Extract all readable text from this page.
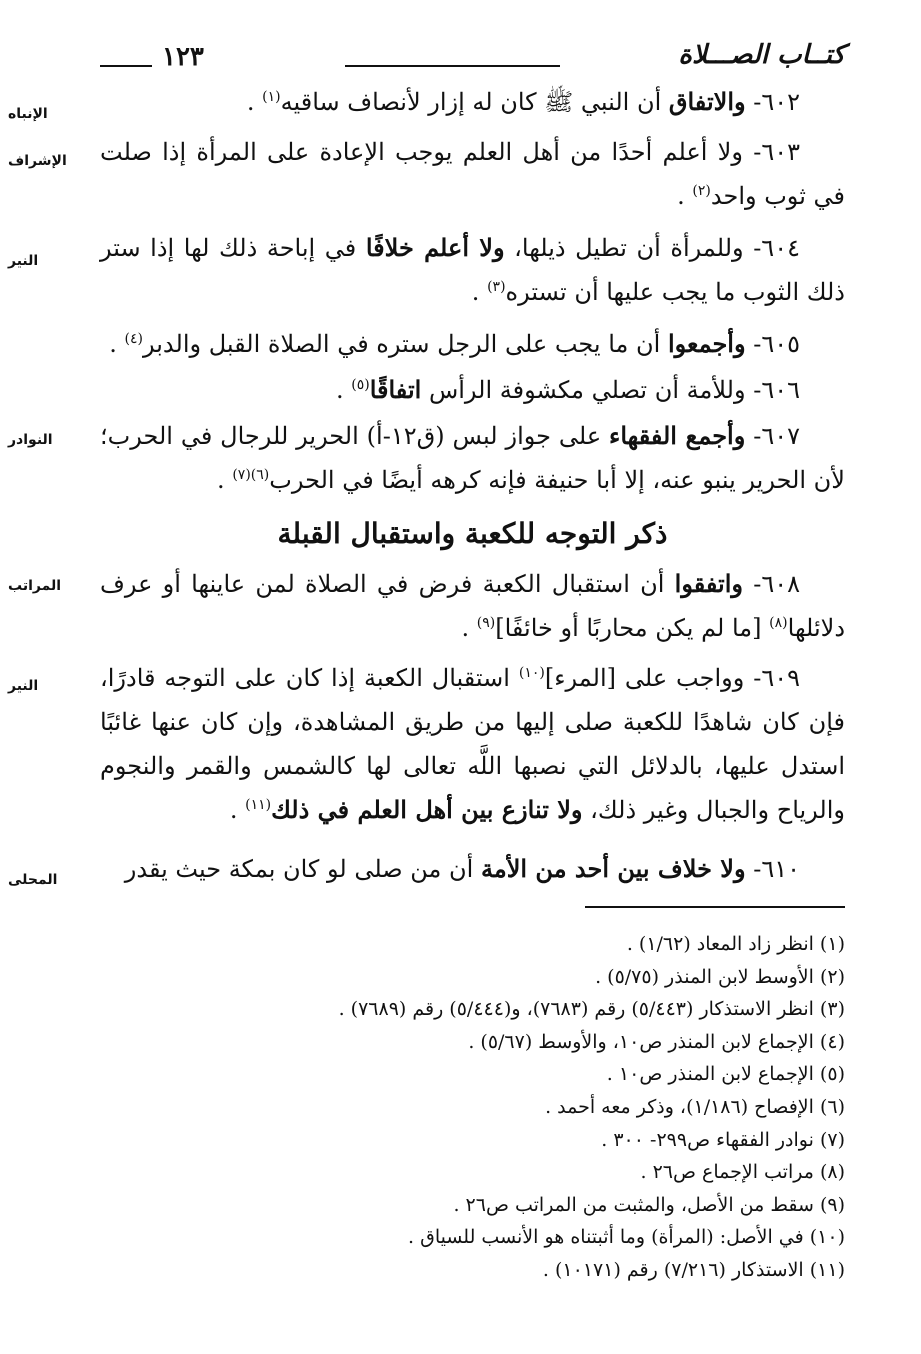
كتــاب الصـــلاة
١٢٣
الإنباه	٦٠٢- والاتفاق أن النبي ﷺ كان له إزار لأنصاف ساقيه$^{(١)}$ .
الإشراف	٦٠٣- ولا أعلم أحدًا من أهل العلم يوجب الإعادة على المرأة إذا صلت في ثوب واحد$^{(٢)}$ .
النير	٦٠٤- وللمرأة أن تطيل ذيلها، ولا أعلم خلافًا في إباحة ذلك لها إذا ستر ذلك الثوب ما يجب عليها أن تستره$^{(٣)}$ .
٦٠٥- وأجمعوا أن ما يجب على الرجل ستره في الصلاة القبل والدبر$^{(٤)}$ .
٦٠٦- وللأمة أن تصلي مكشوفة الرأس اتفاقًا$^{(٥)}$ .
النوادر	٦٠٧- وأجمع الفقهاء على جواز لبس (ق١٢-أ) الحرير للرجال في الحرب؛ لأن الحرير ينبو عنه، إلا أبا حنيفة فإنه كرهه أيضًا في الحرب$^{(٦)(٧)}$ .
ذكر التوجه للكعبة واستقبال القبلة
المراتب	٦٠٨- واتفقوا أن استقبال الكعبة فرض في الصلاة لمن عاينها أو عرف دلائلها$^{(٨)}$ [ما لم يكن محاربًا أو خائفًا]$^{(٩)}$ .
النير	٦٠٩- وواجب على [المرء]$^{(١٠)}$ استقبال الكعبة إذا كان على التوجه قادرًا، فإن كان شاهدًا للكعبة صلى إليها من طريق المشاهدة، وإن كان عنها غائبًا استدل عليها، بالدلائل التي نصبها اللَّه تعالى لها كالشمس والقمر والنجوم والرياح والجبال وغير ذلك، ولا تنازع بين أهل العلم في ذلك$^{(١١)}$ .
المحلى	٦١٠- ولا خلاف بين أحد من الأمة أن من صلى لو كان بمكة حيث يقدر
(١) انظر زاد المعاد (١/٦٢) .
(٢) الأوسط لابن المنذر (٥/٧٥) .
(٣) انظر الاستذكار (٥/٤٤٣) رقم (٧٦٨٣)، و(٥/٤٤٤) رقم (٧٦٨٩) .
(٤) الإجماع لابن المنذر ص١٠، والأوسط (٥/٦٧) .
(٥) الإجماع لابن المنذر ص١٠ .
(٦) الإفصاح (١/١٨٦)، وذكر معه أحمد .
(٧) نوادر الفقهاء ص٢٩٩- ٣٠٠ .
(٨) مراتب الإجماع ص٢٦ .
(٩) سقط من الأصل، والمثبت من المراتب ص٢٦ .
(١٠) في الأصل: (المرأة) وما أثبتناه هو الأنسب للسياق .
(١١) الاستذكار (٧/٢١٦) رقم (١٠١٧١) .
